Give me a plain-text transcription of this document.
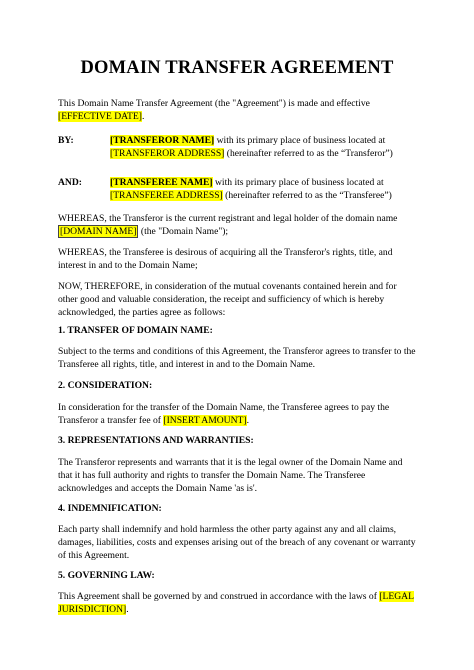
DOMAIN TRANSFER AGREEMENT
This Domain Name Transfer Agreement (the "Agreement") is made and effective
[EFFECTIVE DATE].
BY:	[TRANSFEROR NAME] with its primary place of business located at
[TRANSFEROR ADDRESS] (hereinafter referred to as the “Transferor”)
AND:	[TRANSFEREE NAME] with its primary place of business located at
[TRANSFEREE ADDRESS] (hereinafter referred to as the “Transferee”)
WHEREAS, the Transferor is the current registrant and legal holder of the domain name
[DOMAIN NAME] (the "Domain Name");
WHEREAS, the Transferee is desirous of acquiring all the Transferor's rights, title, and
interest in and to the Domain Name;
NOW, THEREFORE, in consideration of the mutual covenants contained herein and for
other good and valuable consideration, the receipt and sufficiency of which is hereby
acknowledged, the parties agree as follows:
1. TRANSFER OF DOMAIN NAME:
Subject to the terms and conditions of this Agreement, the Transferor agrees to transfer to the
Transferee all rights, title, and interest in and to the Domain Name.
2. CONSIDERATION:
In consideration for the transfer of the Domain Name, the Transferee agrees to pay the
Transferor a transfer fee of [INSERT AMOUNT].
3. REPRESENTATIONS AND WARRANTIES:
The Transferor represents and warrants that it is the legal owner of the Domain Name and
that it has full authority and rights to transfer the Domain Name. The Transferee
acknowledges and accepts the Domain Name 'as is'.
4. INDEMNIFICATION:
Each party shall indemnify and hold harmless the other party against any and all claims,
damages, liabilities, costs and expenses arising out of the breach of any covenant or warranty
of this Agreement.
5. GOVERNING LAW:
This Agreement shall be governed by and construed in accordance with the laws of [LEGAL
JURISDICTION].
